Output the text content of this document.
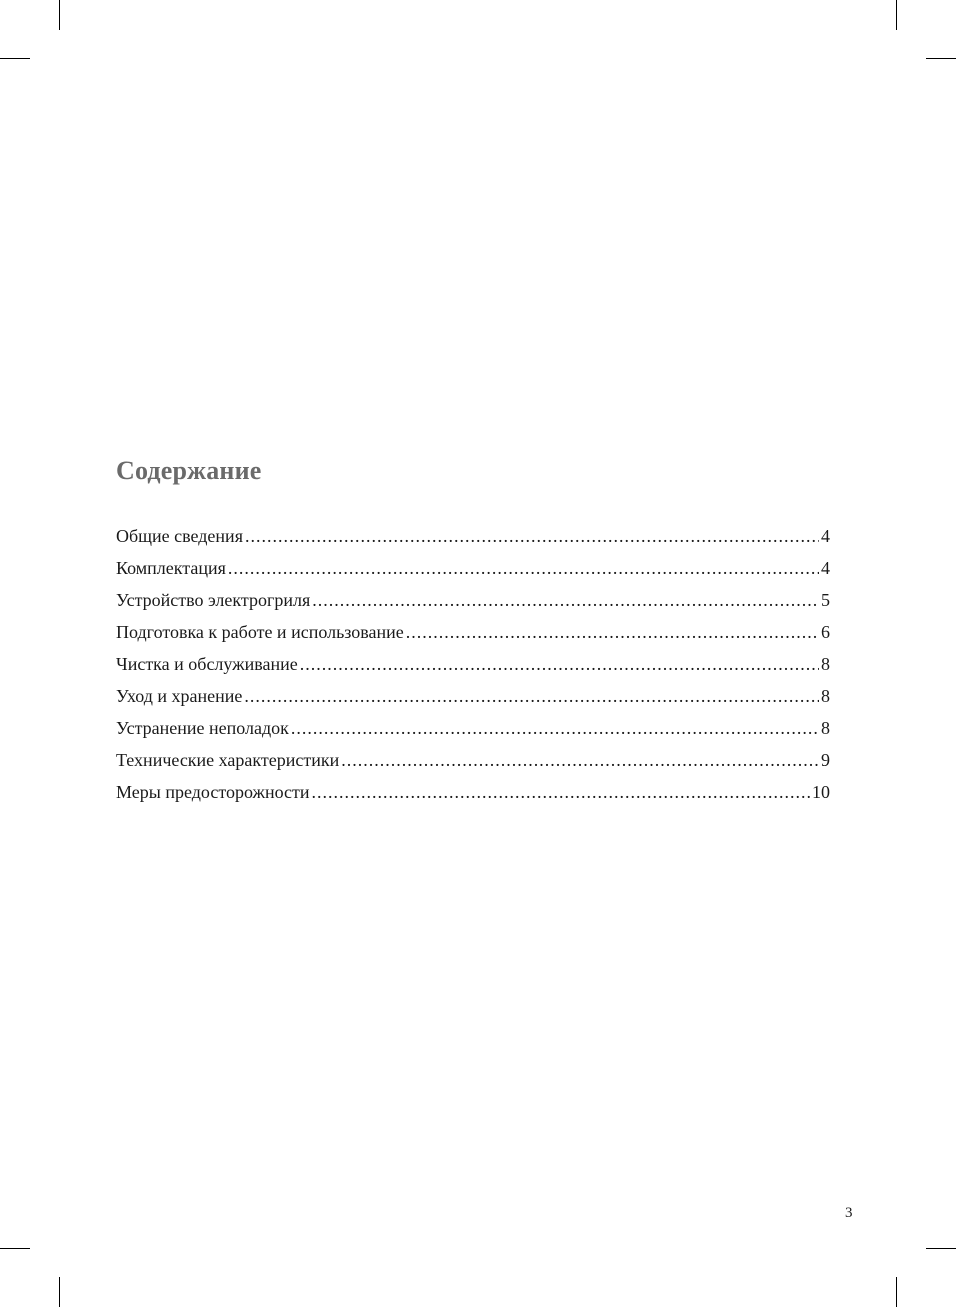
Содержание
Общие сведения .....	4
Комплектация .....	4
Устройство электрогриля .....	5
Подготовка к работе и использование .....	6
Чистка и обслуживание .....	8
Уход и хранение .....	8
Устранение неполадок .....	8
Технические характеристики .....	9
Меры предосторожности .....	10
3
